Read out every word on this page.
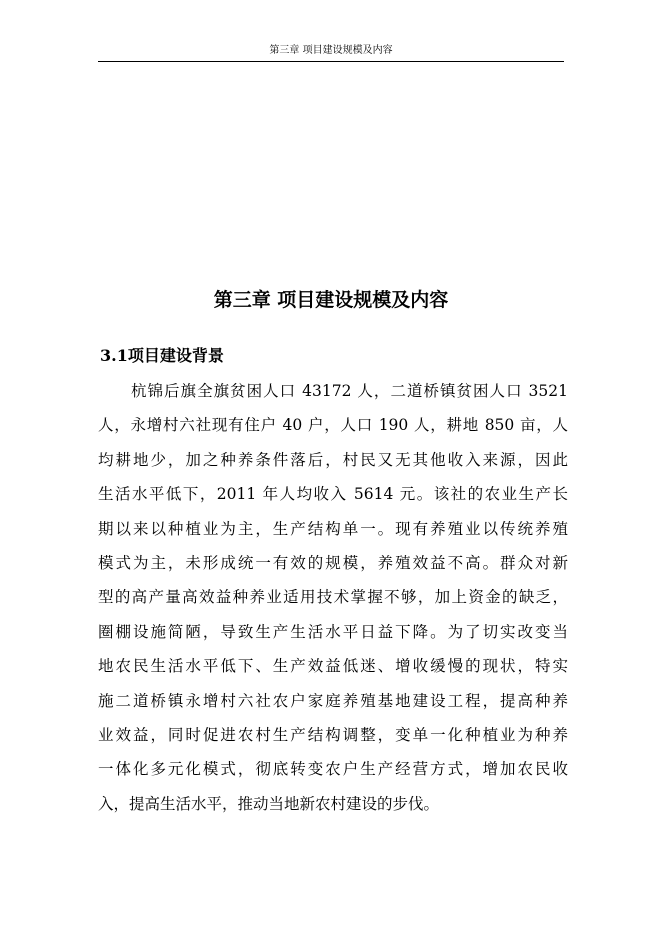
第三章 项目建设规模及内容
第三章 项目建设规模及内容
3.1项目建设背景
杭锦后旗全旗贫困人口 43172 人，二道桥镇贫困人口 3521
人，永增村六社现有住户 40 户，人口 190 人，耕地 850 亩，人
均耕地少，加之种养条件落后，村民又无其他收入来源，因此
生活水平低下，2011 年人均收入 5614 元。该社的农业生产长
期以来以种植业为主，生产结构单一。现有养殖业以传统养殖
模式为主，未形成统一有效的规模，养殖效益不高。群众对新
型的高产量高效益种养业适用技术掌握不够，加上资金的缺乏，
圈棚设施简陋，导致生产生活水平日益下降。为了切实改变当
地农民生活水平低下、生产效益低迷、增收缓慢的现状，特实
施二道桥镇永增村六社农户家庭养殖基地建设工程，提高种养
业效益，同时促进农村生产结构调整，变单一化种植业为种养
一体化多元化模式，彻底转变农户生产经营方式，增加农民收
入，提高生活水平，推动当地新农村建设的步伐。
